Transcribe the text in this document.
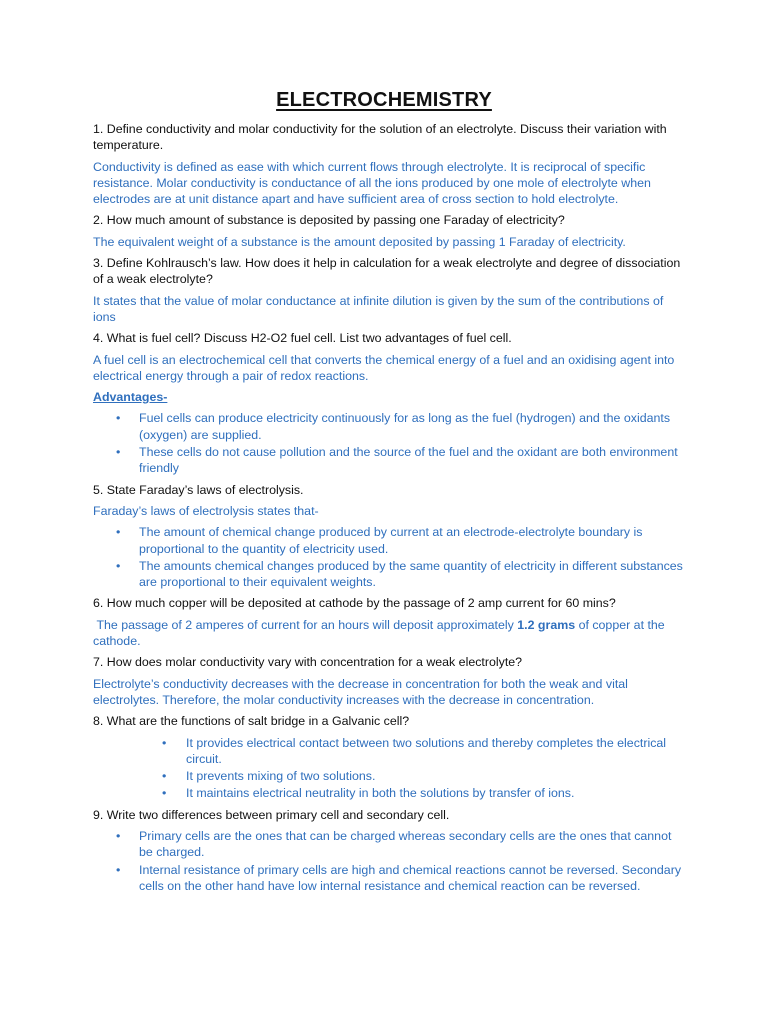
ELECTROCHEMISTRY

1. Define conductivity and molar conductivity for the solution of an electrolyte. Discuss their variation with temperature.

Conductivity is defined as ease with which current flows through electrolyte. It is reciprocal of specific resistance. Molar conductivity is conductance of all the ions produced by one mole of electrolyte when electrodes are at unit distance apart and have sufficient area of cross section to hold electrolyte.

2. How much amount of substance is deposited by passing one Faraday of electricity?

The equivalent weight of a substance is the amount deposited by passing 1 Faraday of electricity.

3. Define Kohlrausch’s law. How does it help in calculation for a weak electrolyte and degree of dissociation of a weak electrolyte?

It states that the value of molar conductance at infinite dilution is given by the sum of the contributions of ions

4. What is fuel cell? Discuss H2-O2 fuel cell. List two advantages of fuel cell.

A fuel cell is an electrochemical cell that converts the chemical energy of a fuel and an oxidising agent into electrical energy through a pair of redox reactions.

Advantages-

• Fuel cells can produce electricity continuously for as long as the fuel (hydrogen) and the oxidants (oxygen) are supplied.
• These cells do not cause pollution and the source of the fuel and the oxidant are both environment friendly

5. State Faraday’s laws of electrolysis.

Faraday’s laws of electrolysis states that-

• The amount of chemical change produced by current at an electrode-electrolyte boundary is proportional to the quantity of electricity used.
• The amounts chemical changes produced by the same quantity of electricity in different substances are proportional to their equivalent weights.

6. How much copper will be deposited at cathode by the passage of 2 amp current for 60 mins?

The passage of 2 amperes of current for an hours will deposit approximately 1.2 grams of copper at the cathode.

7. How does molar conductivity vary with concentration for a weak electrolyte?

Electrolyte’s conductivity decreases with the decrease in concentration for both the weak and vital electrolytes. Therefore, the molar conductivity increases with the decrease in concentration.

8. What are the functions of salt bridge in a Galvanic cell?

• It provides electrical contact between two solutions and thereby completes the electrical circuit.
• It prevents mixing of two solutions.
• It maintains electrical neutrality in both the solutions by transfer of ions.

9. Write two differences between primary cell and secondary cell.

• Primary cells are the ones that can be charged whereas secondary cells are the ones that cannot be charged.
• Internal resistance of primary cells are high and chemical reactions cannot be reversed. Secondary cells on the other hand have low internal resistance and chemical reaction can be reversed.
